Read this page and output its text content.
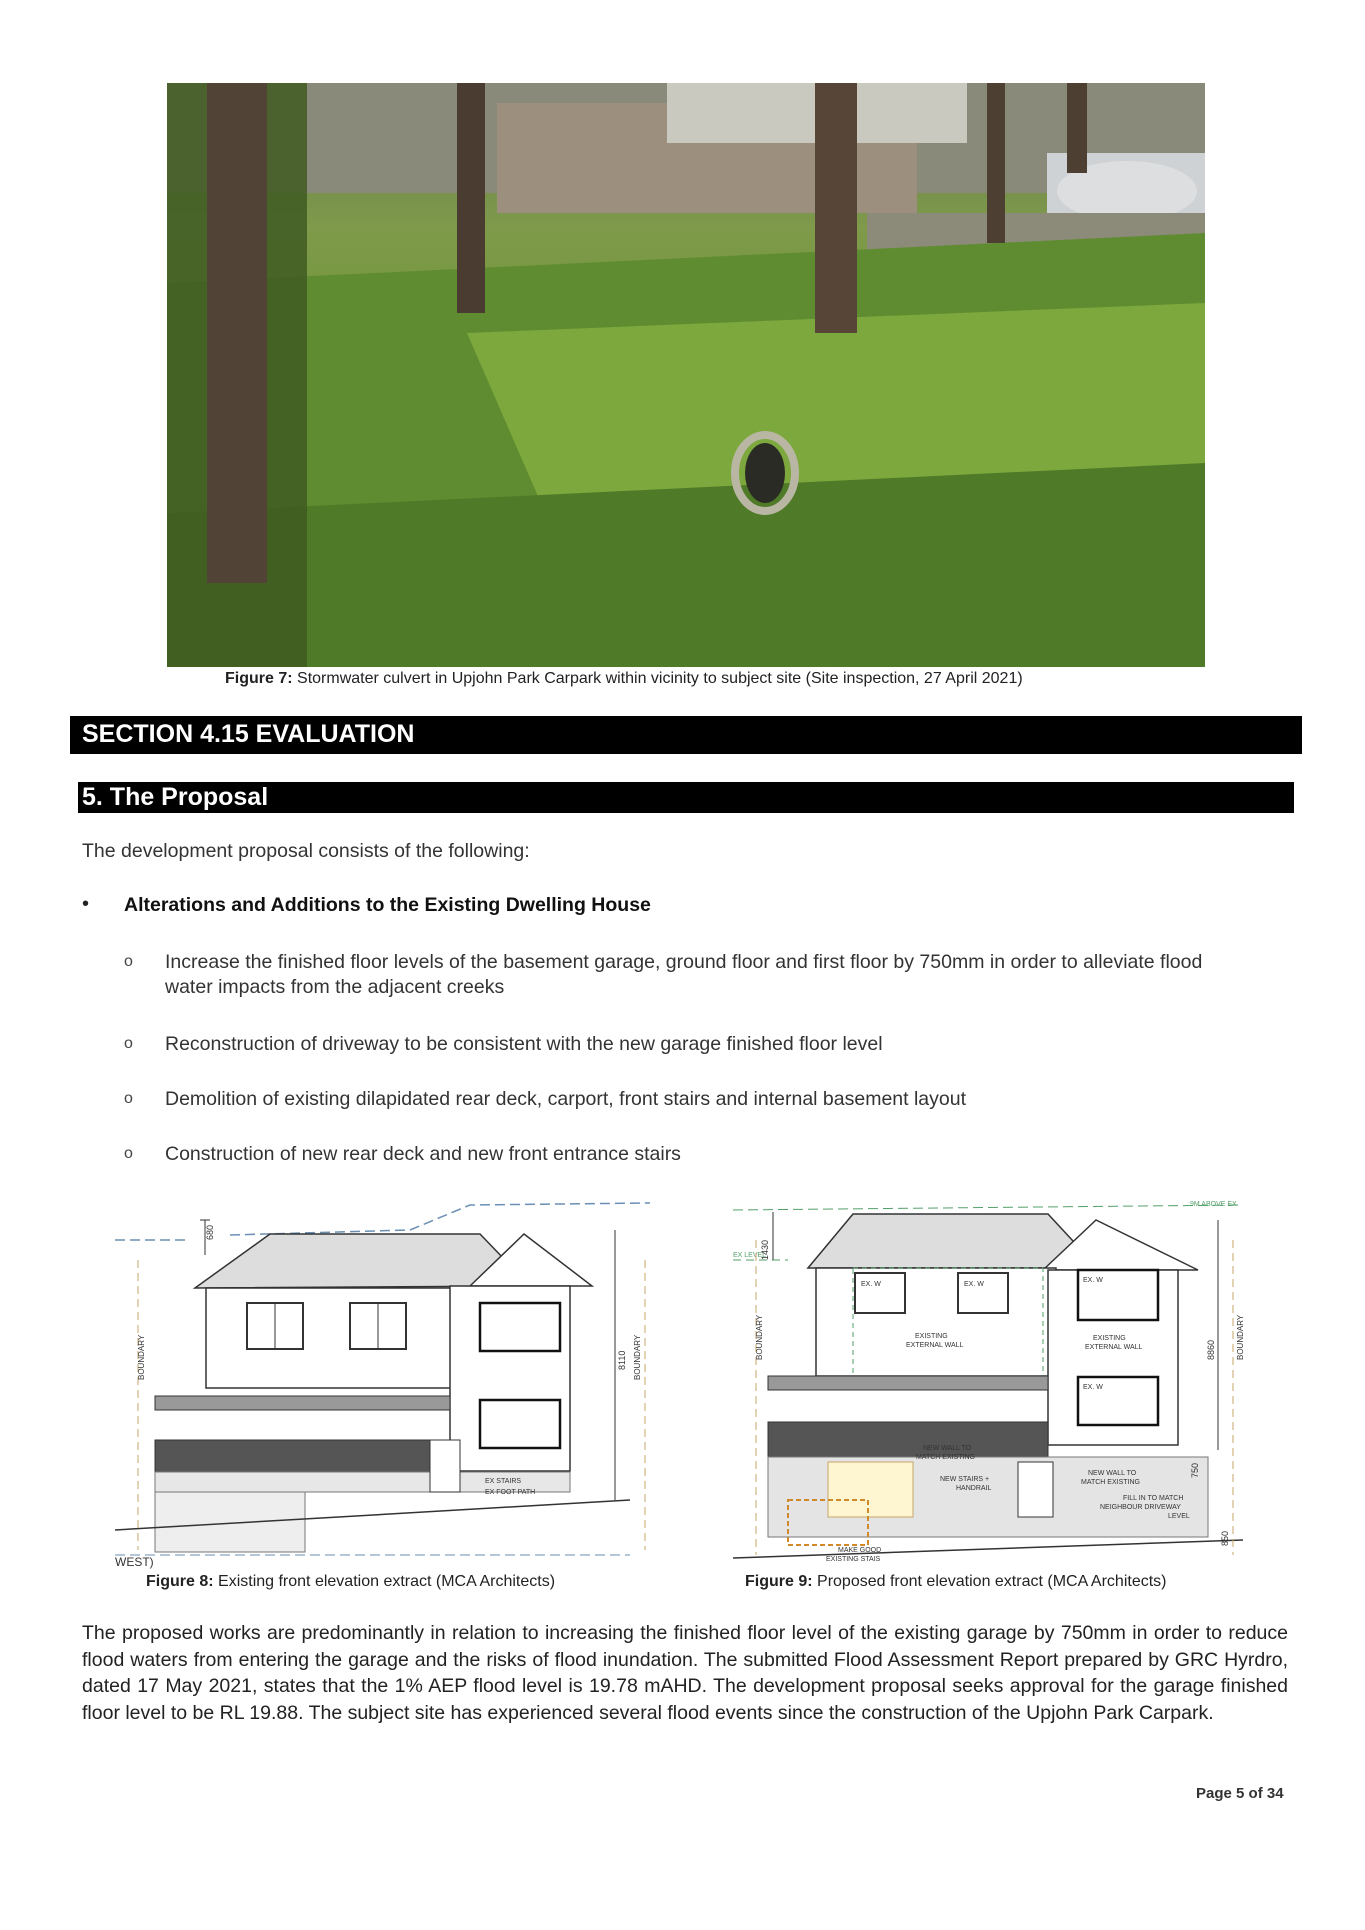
Figure 7: Stormwater culvert in Upjohn Park Carpark within vicinity to subject site (Site inspection, 27 April 2021)
SECTION 4.15 EVALUATION
5. The Proposal
The development proposal consists of the following:
• Alterations and Additions to the Existing Dwelling House
o Increase the finished floor levels of the basement garage, ground floor and first floor by 750mm in order to alleviate flood water impacts from the adjacent creeks
o Reconstruction of driveway to be consistent with the new garage finished floor level
o Demolition of existing dilapidated rear deck, carport, front stairs and internal basement layout
o Construction of new rear deck and new front entrance stairs
680
BOUNDARY	BOUNDARY
8110
EX STAIRS
EX FOOT PATH
WEST)
9M ABOVE EX
EX LEVEL
1430
EX. W	EX. W
EX. W
EX. W
EXISTING
EXTERNAL WALL
EXISTING
EXTERNAL WALL
BOUNDARY	BOUNDARY
8860
750
850
NEW WALL TO
MATCH EXISTING
NEW WALL TO
MATCH EXISTING
NEW STAIRS +
HANDRAIL
FILL IN TO MATCH
NEIGHBOUR DRIVEWAY
LEVEL
MAKE GOOD
EXISTING STAIS
Figure 8: Existing front elevation extract (MCA Architects)	Figure 9: Proposed front elevation extract (MCA Architects)
The proposed works are predominantly in relation to increasing the finished floor level of the existing garage by 750mm in order to reduce flood waters from entering the garage and the risks of flood inundation. The submitted Flood Assessment Report prepared by GRC Hyrdro, dated 17 May 2021, states that the 1% AEP flood level is 19.78 mAHD. The development proposal seeks approval for the garage finished floor level to be RL 19.88. The subject site has experienced several flood events since the construction of the Upjohn Park Carpark.
Page 5 of 34
